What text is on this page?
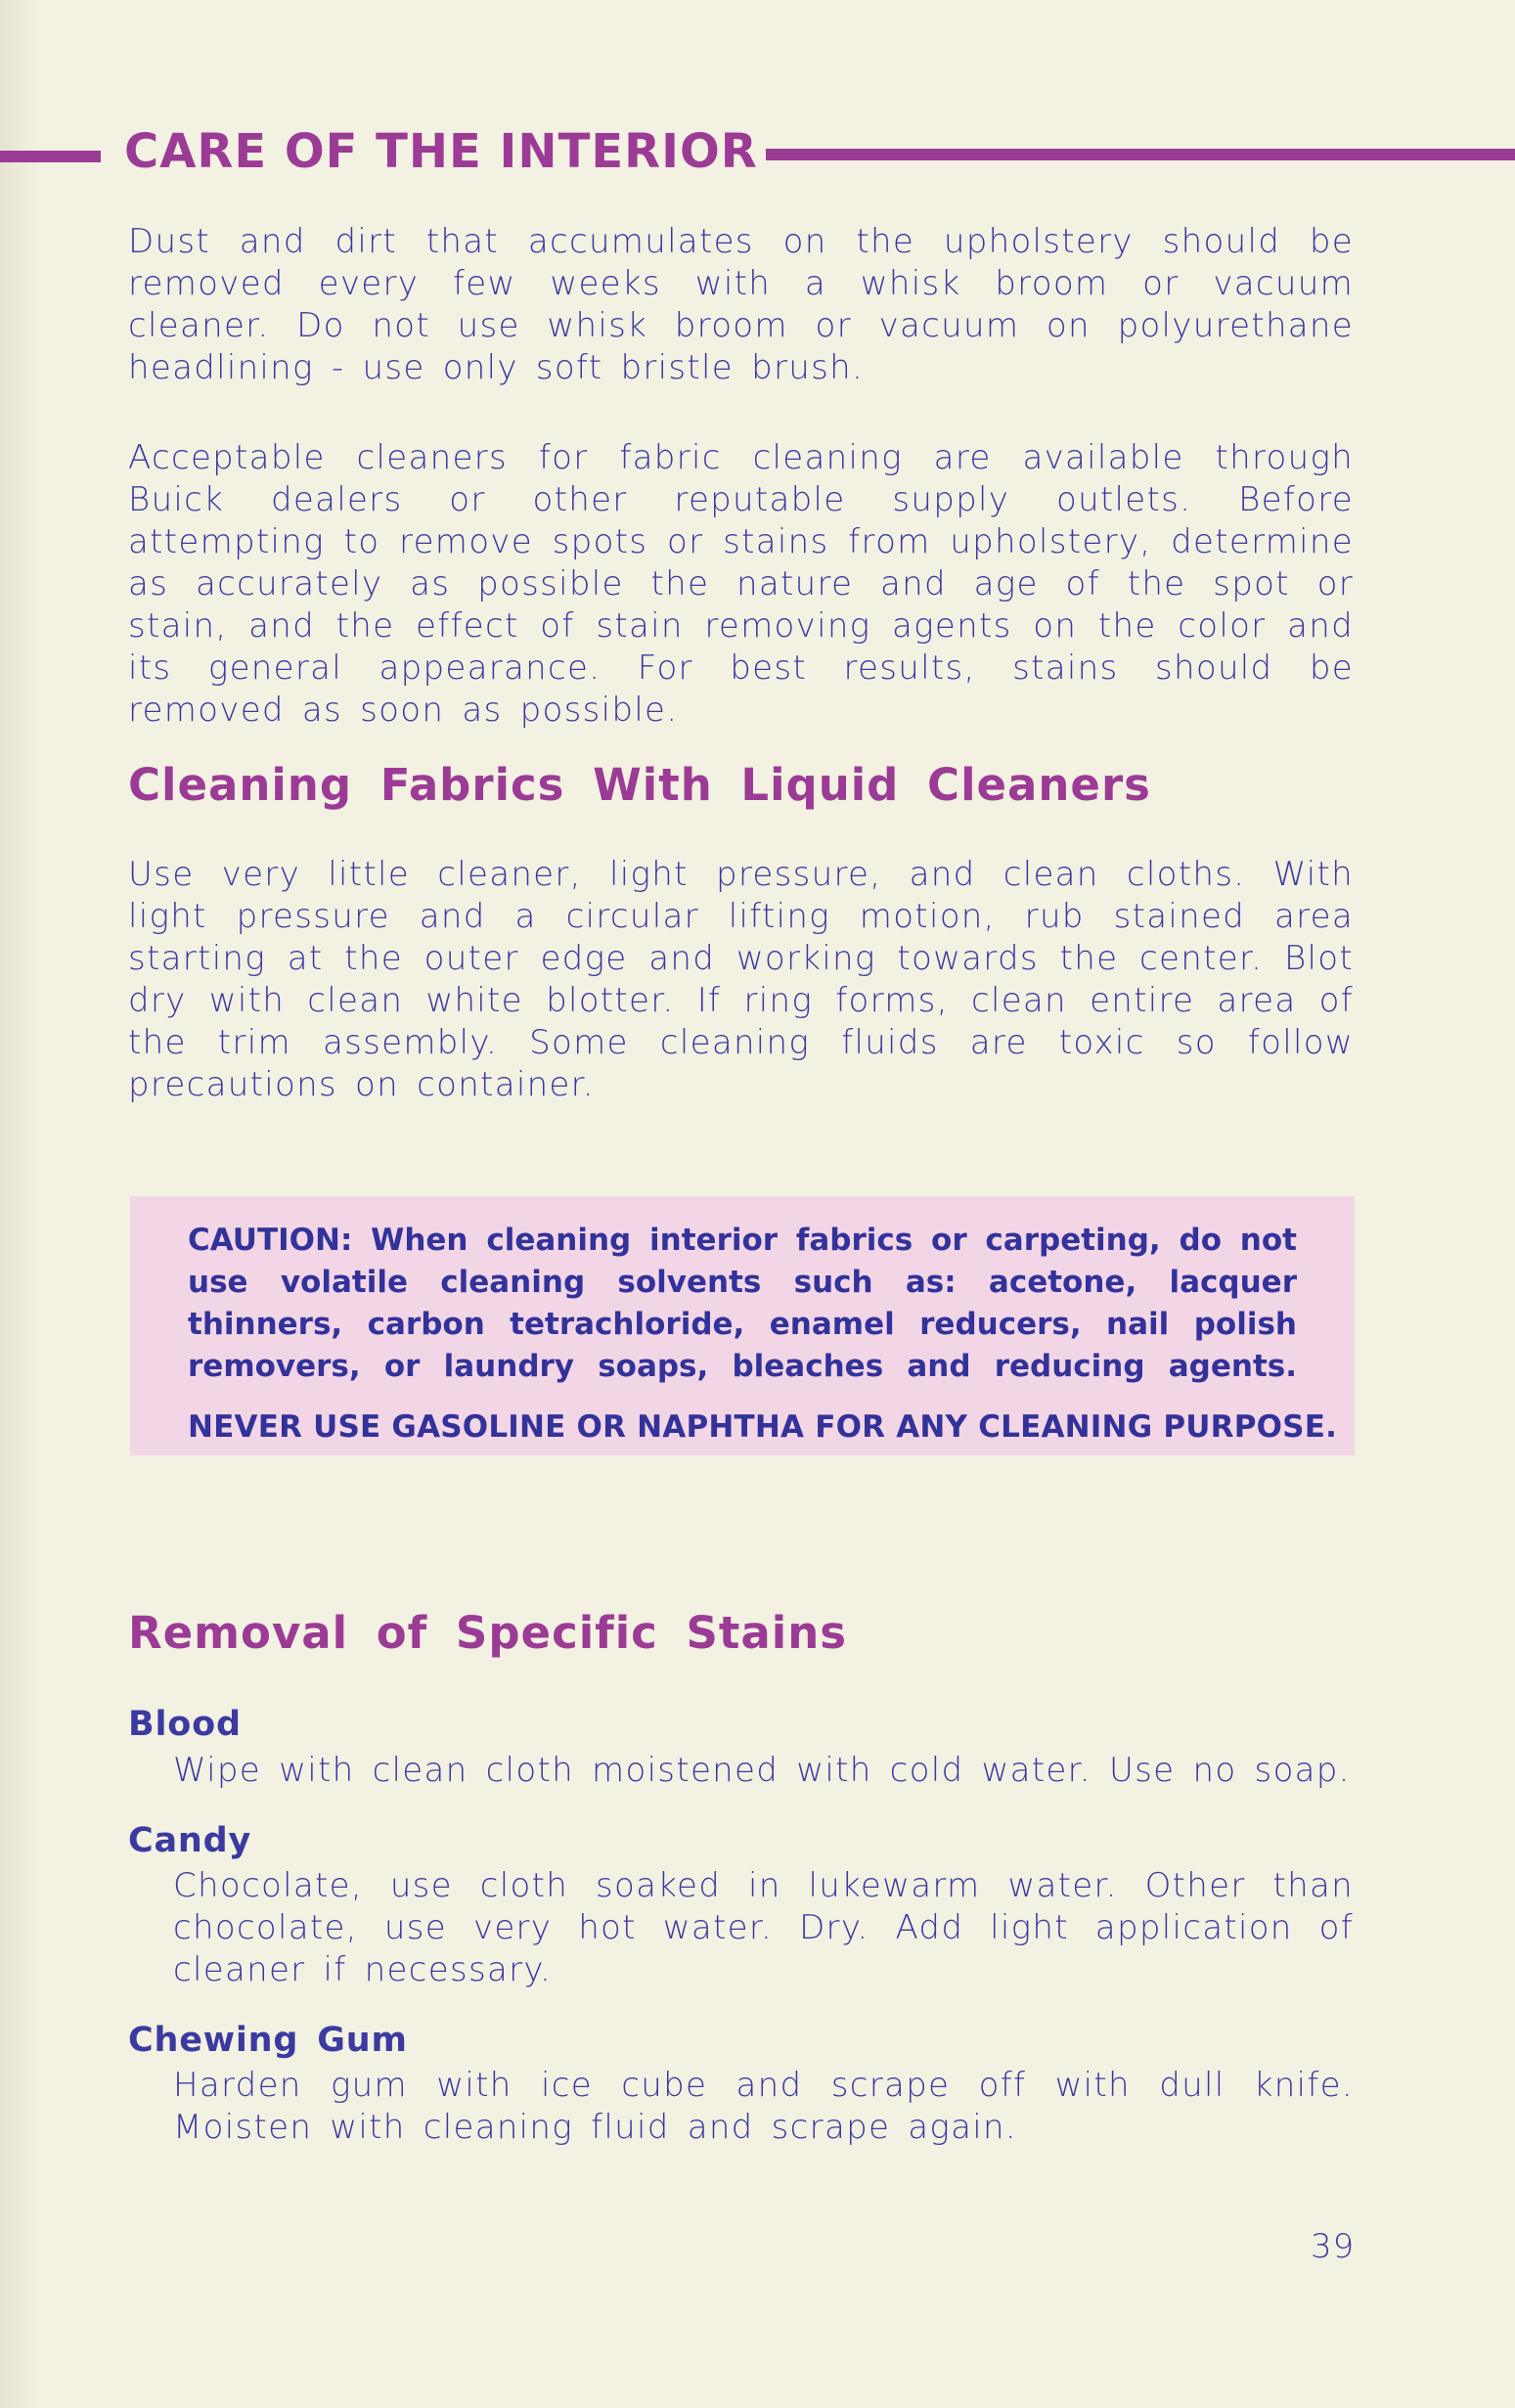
CARE OF THE INTERIOR

Dust and dirt that accumulates on the upholstery should be removed every few weeks with a whisk broom or vacuum cleaner. Do not use whisk broom or vacuum on polyurethane headlining - use only soft bristle brush.

Acceptable cleaners for fabric cleaning are available through Buick dealers or other reputable supply outlets. Before attempting to remove spots or stains from upholstery, determine as accurately as possible the nature and age of the spot or stain, and the effect of stain removing agents on the color and its general appearance. For best results, stains should be removed as soon as possible.

Cleaning Fabrics With Liquid Cleaners

Use very little cleaner, light pressure, and clean cloths. With light pressure and a circular lifting motion, rub stained area starting at the outer edge and working towards the center. Blot dry with clean white blotter. If ring forms, clean entire area of the trim assembly. Some cleaning fluids are toxic so follow precautions on container.

CAUTION: When cleaning interior fabrics or carpeting, do not use volatile cleaning solvents such as: acetone, lacquer thinners, carbon tetrachloride, enamel reducers, nail polish removers, or laundry soaps, bleaches and reducing agents.

NEVER USE GASOLINE OR NAPHTHA FOR ANY CLEANING PURPOSE.

Removal of Specific Stains
Blood

Wipe with clean cloth moistened with cold water. Use no soap.

Candy

Chocolate, use cloth soaked in lukewarm water. Other than chocolate, use very hot water. Dry. Add light application of cleaner if necessary.

Chewing Gum

Harden gum with ice cube and scrape off with dull knife. Moisten with cleaning fluid and scrape again.

39
